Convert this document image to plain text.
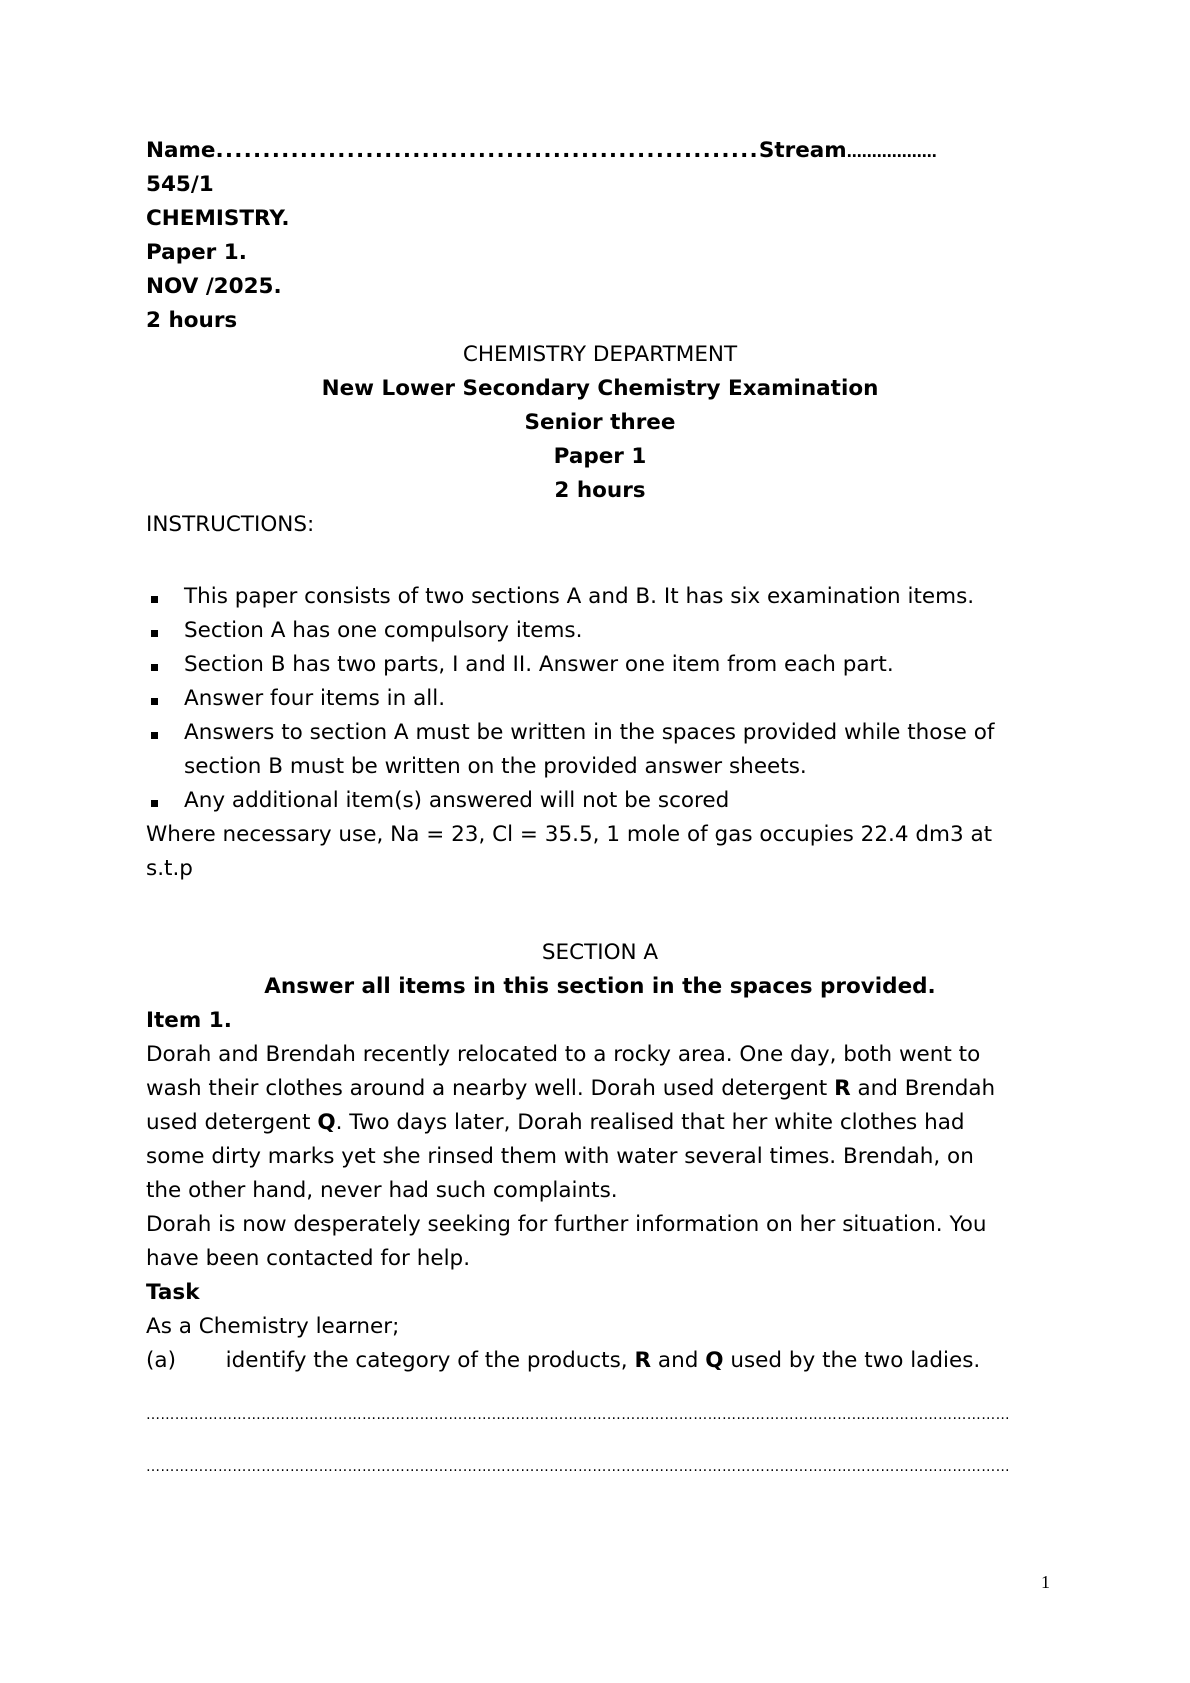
Name..........................................................Stream………………
545/1
CHEMISTRY.
Paper 1.
NOV /2025.
2 hours
CHEMISTRY DEPARTMENT
New Lower Secondary Chemistry Examination
Senior three
Paper 1
2 hours
INSTRUCTIONS:
This paper consists of two sections A and B. It has six examination items.
Section A has one compulsory items.
Section B has two parts, I and II. Answer one item from each part.
Answer four items in all.
Answers to section A must be written in the spaces provided while those of
section B must be written on the provided answer sheets.
Any additional item(s) answered will not be scored
Where necessary use, Na = 23, Cl = 35.5, 1 mole of gas occupies 22.4 dm3 at
s.t.p
SECTION A
Answer all items in this section in the spaces provided.
Item 1.
Dorah and Brendah recently relocated to a rocky area. One day, both went to
wash their clothes around a nearby well. Dorah used detergent R and Brendah
used detergent Q. Two days later, Dorah realised that her white clothes had
some dirty marks yet she rinsed them with water several times. Brendah, on
the other hand, never had such complaints.
Dorah is now desperately seeking for further information on her situation. You
have been contacted for help.
Task
As a Chemistry learner;
(a) identify the category of the products, R and Q used by the two ladies.
………………………………………………………………………………………………………………………………………………………………
………………………………………………………………………………………………………………………………………………………………
1
